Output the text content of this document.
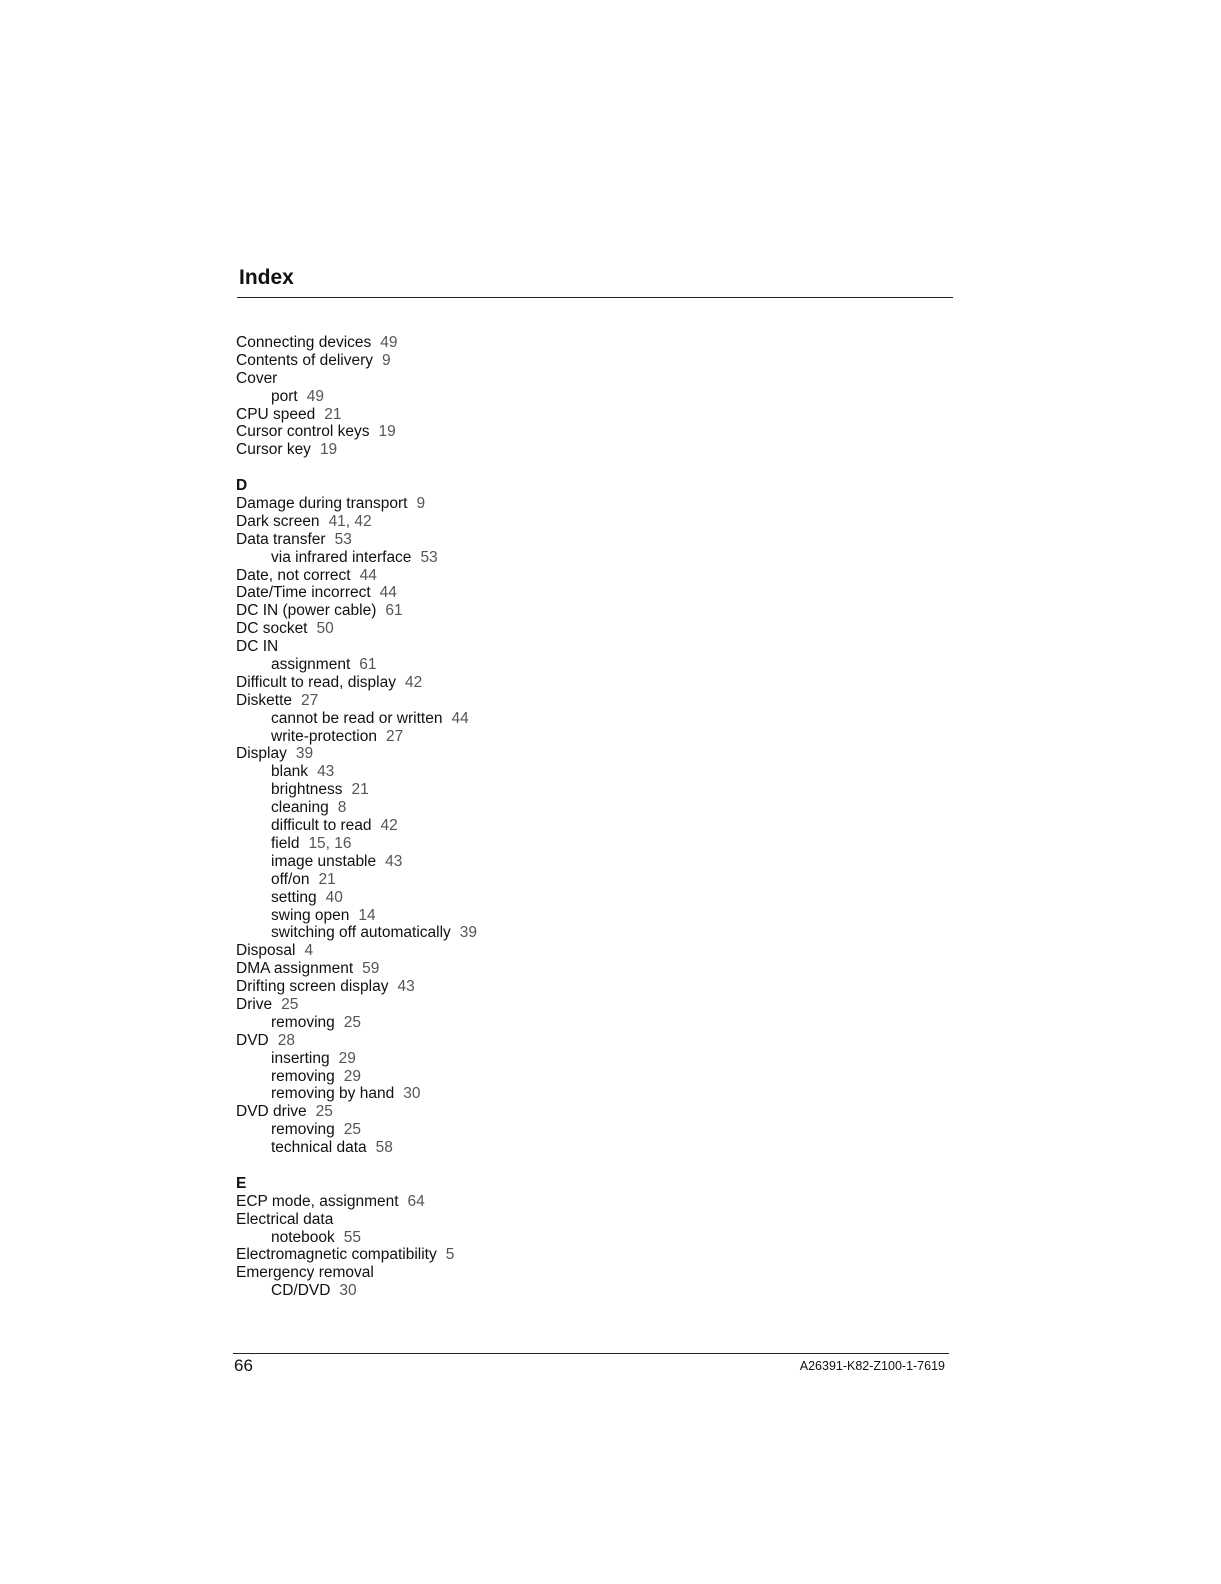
Index
Connecting devices 49
Contents of delivery 9
Cover
port 49
CPU speed 21
Cursor control keys 19
Cursor key 19
D
Damage during transport 9
Dark screen 41, 42
Data transfer 53
via infrared interface 53
Date, not correct 44
Date/Time incorrect 44
DC IN (power cable) 61
DC socket 50
DC IN
assignment 61
Difficult to read, display 42
Diskette 27
cannot be read or written 44
write-protection 27
Display 39
blank 43
brightness 21
cleaning 8
difficult to read 42
field 15, 16
image unstable 43
off/on 21
setting 40
swing open 14
switching off automatically 39
Disposal 4
DMA assignment 59
Drifting screen display 43
Drive 25
removing 25
DVD 28
inserting 29
removing 29
removing by hand 30
DVD drive 25
removing 25
technical data 58
E
ECP mode, assignment 64
Electrical data
notebook 55
Electromagnetic compatibility 5
Emergency removal
CD/DVD 30
66	A26391-K82-Z100-1-7619
